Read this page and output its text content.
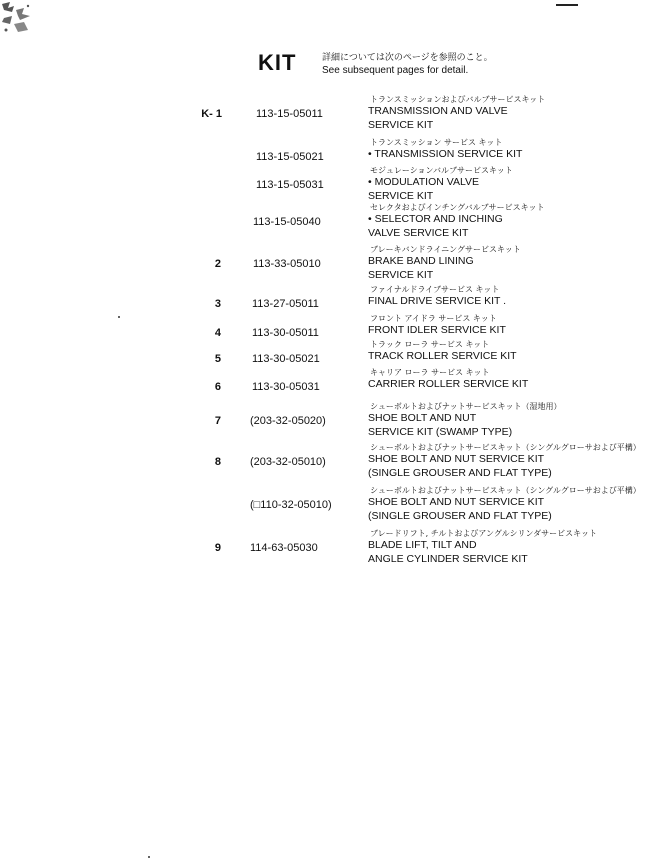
KIT	詳細については次のページを参照のこと。
See subsequent pages for detail.
K- 1	113-15-05011
トランスミッションおよびバルブサービスキット
TRANSMISSION AND VALVE
SERVICE KIT
113-15-05021
トランスミッション サービス キット
• TRANSMISSION SERVICE KIT
113-15-05031
モジュレーションバルブサービスキット
• MODULATION VALVE
SERVICE KIT
113-15-05040
セレクタおよびインチングバルブサービスキット
• SELECTOR AND INCHING
VALVE SERVICE KIT
2	113-33-05010
ブレーキバンドライニングサービスキット
BRAKE BAND LINING
SERVICE KIT
3	113-27-05011
ファイナルドライブサービス キット
FINAL DRIVE SERVICE KIT .
4	113-30-05011
フロント アイドラ サービス キット
FRONT IDLER SERVICE KIT
5	113-30-05021
トラック ローラ サービス キット
TRACK ROLLER SERVICE KIT
6	113-30-05031
キャリア ローラ サービス キット
CARRIER ROLLER SERVICE KIT
7	(203-32-05020)
シューボルトおよびナットサービスキット（湿地用）
SHOE BOLT AND NUT
SERVICE KIT (SWAMP TYPE)
8	(203-32-05010)
シューボルトおよびナットサービスキット（シングルグローサおよび平構）
SHOE BOLT AND NUT SERVICE KIT
(SINGLE GROUSER AND FLAT TYPE)
(□110-32-05010)
シューボルトおよびナットサービスキット（シングルグローサおよび平構）
SHOE BOLT AND NUT SERVICE KIT
(SINGLE GROUSER AND FLAT TYPE)
9	114-63-05030
ブレードリフト, チルトおよびアングルシリンダサービスキット
BLADE LIFT, TILT AND
ANGLE CYLINDER SERVICE KIT
